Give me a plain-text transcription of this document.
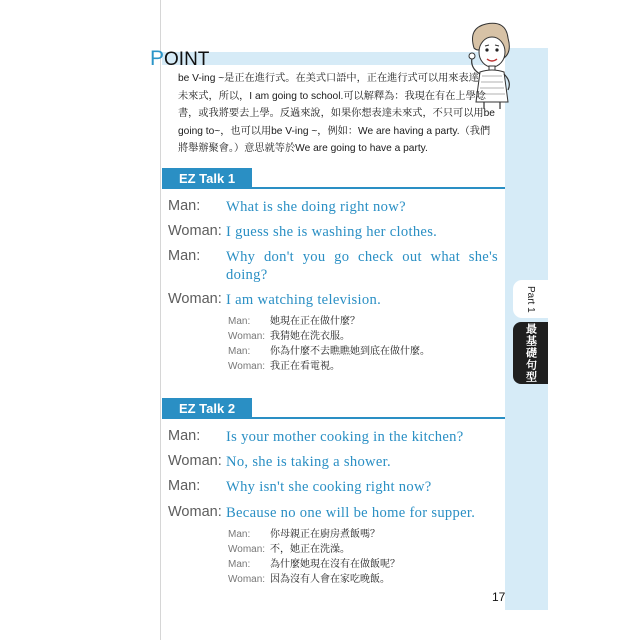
POINT

be V-ing ~是正在進行式。在美式口語中，正在進行式可以用來表達

未來式，所以，I am going to school.可以解釋為：我現在有在上學唸

書，或我將要去上學。反過來說，如果你想表達未來式，不只可以用be

going to~，也可以用be V-ing ~，例如：We are having a party.（我們

將舉辦聚會。）意思就等於We are going to have a party.

EZ Talk 1
Man: What is she doing right now?
Woman: I guess she is washing her clothes.
Man: Why don't you go check out what she's doing?
Woman: I am watching television.
Man: 她現在正在做什麼？
Woman: 我猜她在洗衣服。
Man: 你為什麼不去瞧瞧她到底在做什麼。
Woman: 我正在看電視。
EZ Talk 2
Man: Is your mother cooking in the kitchen?
Woman: No, she is taking a shower.
Man: Why isn't she cooking right now?
Woman: Because no one will be home for supper.
Man: 你母親正在廚房煮飯嗎？
Woman: 不，她正在洗澡。
Man: 為什麼她現在沒有在做飯呢？
Woman: 因為沒有人會在家吃晚飯。
Part 1
最基礎句型
17
